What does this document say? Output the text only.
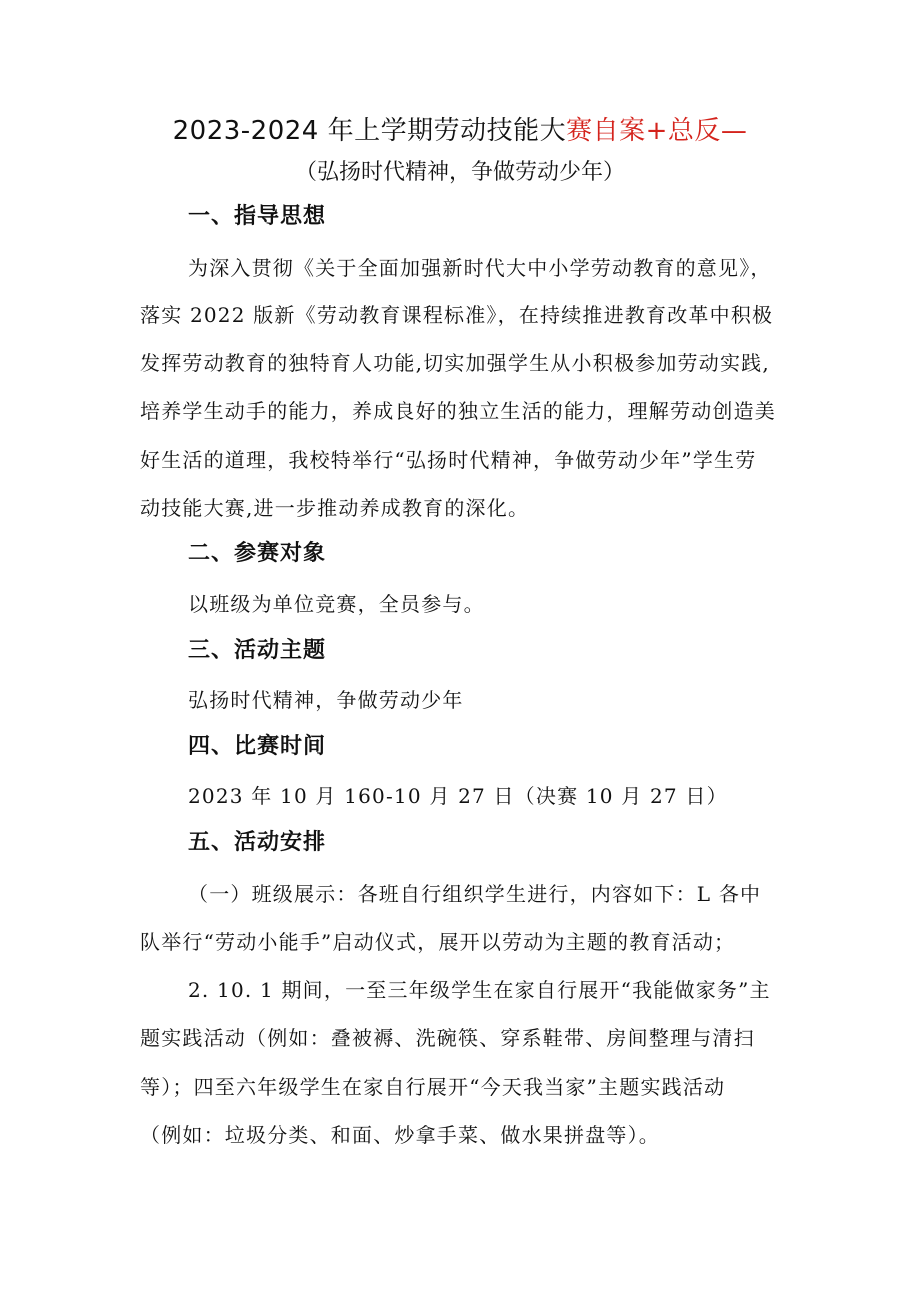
2023-2024 年上学期劳动技能大赛自案+总反—
（弘扬时代精神，争做劳动少年）
一、指导思想
为深入贯彻《关于全面加强新时代大中小学劳动教育的意见》，
落实 2022 版新《劳动教育课程标准》，在持续推进教育改革中积极
发挥劳动教育的独特育人功能,切实加强学生从小积极参加劳动实践,
培养学生动手的能力，养成良好的独立生活的能力，理解劳动创造美
好生活的道理，我校特举行“弘扬时代精神，争做劳动少年”学生劳
动技能大赛,进一步推动养成教育的深化。
二、参赛对象
以班级为单位竞赛，全员参与。
三、活动主题
弘扬时代精神，争做劳动少年
四、比赛时间
2023 年 10 月 160-10 月 27 日（决赛 10 月 27 日）
五、活动安排
（一）班级展示：各班自行组织学生进行，内容如下：L 各中
队举行“劳动小能手”启动仪式，展开以劳动为主题的教育活动；
2. 10. 1 期间，一至三年级学生在家自行展开“我能做家务”主
题实践活动（例如：叠被褥、洗碗筷、穿系鞋带、房间整理与清扫
等）；四至六年级学生在家自行展开“今天我当家”主题实践活动
（例如：垃圾分类、和面、炒拿手菜、做水果拼盘等）。
